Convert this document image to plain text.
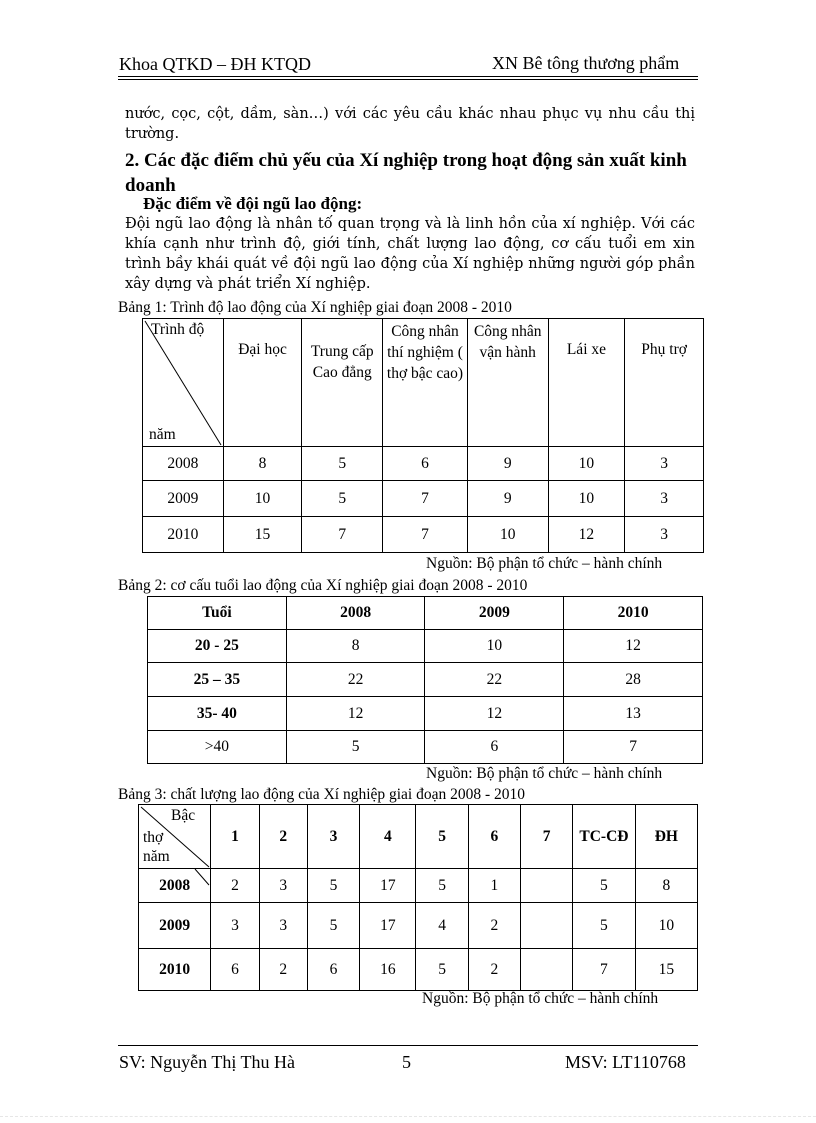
Khoa QTKD – ĐH KTQD	XN Bê tông thương phẩm
nước, cọc, cột, dầm, sàn…) với các yêu cầu khác nhau phục vụ nhu cầu thị trường.
2. Các đặc điểm chủ yếu của Xí nghiệp trong hoạt động sản xuất kinh doanh
Đặc điểm về đội ngũ lao động:
Đội ngũ lao động là nhân tố quan trọng và là linh hồn của xí nghiệp. Với các khía cạnh như trình độ, giới tính, chất lượng lao động, cơ cấu tuổi em xin trình bầy khái quát về đội ngũ lao động của Xí nghiệp những người góp phần xây dựng và phát triển Xí nghiệp.
Bảng 1: Trình độ lao động của Xí nghiệp giai đoạn 2008 - 2010
Trình độ
năm	Đại học	Trung cấp Cao đẳng	Công nhân thí nghiệm ( thợ bậc cao)	Công nhân vận hành	Lái xe	Phụ trợ
2008	8	5	6	9	10	3
2009	10	5	7	9	10	3
2010	15	7	7	10	12	3
Nguồn: Bộ phận tổ chức – hành chính
Bảng 2: cơ cấu tuổi lao động của Xí nghiệp giai đoạn 2008 - 2010
Tuổi	2008	2009	2010
20 - 25	8	10	12
25 – 35	22	22	28
35- 40	12	12	13
>40	5	6	7
Nguồn: Bộ phận tổ chức – hành chính
Bảng 3: chất lượng lao động của Xí nghiệp giai đoạn 2008 - 2010
Bậc
thợ
năm	1	2	3	4	5	6	7	TC-CĐ	ĐH

2008	2	3	5	17	5	1		5	8
2009	3	3	5	17	4	2		5	10
2010	6	2	6	16	5	2		7	15
Nguồn: Bộ phận tổ chức – hành chính
SV: Nguyễn Thị Thu Hà	5	MSV: LT110768
